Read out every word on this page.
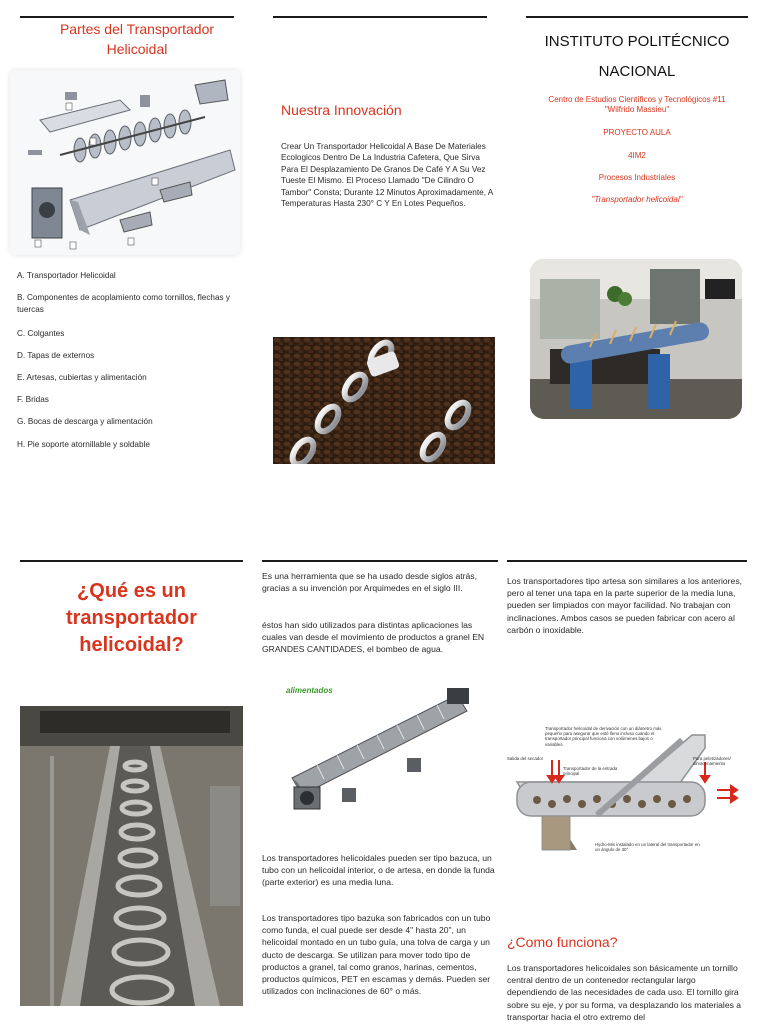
Partes del Transportador Helicoidal
A. Transportador Helicoidal
B. Componentes de acoplamiento como tornillos, flechas y tuercas
C. Colgantes
D. Tapas de externos
E. Artesas, cubiertas y alimentación
F. Bridas
G. Bocas de descarga y alimentación
H. Pie soporte atornillable y soldable
Nuestra Innovación
Crear Un Transportador Helicoidal A Base De Materiales Ecologicos Dentro De La Industria Cafetera, Que Sirva Para El Desplazamiento De Granos De Café Y A Su Vez Tueste El Mismo. El Proceso Llamado "De Cilindro O Tambor" Consta; Durante 12 Minutos Aproximadamente, A Temperaturas Hasta 230° C Y En Lotes Pequeños.
INSTITUTO POLITÉCNICO
NACIONAL
Centro de Estudios Científicos y Tecnológicos #11
"Wilfrido Massieu"
PROYECTO AULA
4IM2
Procesos Industriales
"Transportador helicoidal"
¿Qué es un
transportador
helicoidal?
Es una herramienta que se ha usado desde siglos atrás, gracias a su invención por Arquimedes en el siglo III.
éstos han sido utilizados para distintas aplicaciones las cuales van desde el movimiento de productos a granel EN GRANDES CANTIDADES, el bombeo de agua.
alimentados
Los transportadores helicoidales pueden ser tipo bazuca, un tubo con un helicoidal interior, o de artesa, en donde la funda (parte exterior) es una media luna.
Los transportadores tipo bazuka son fabricados con un tubo como funda, el cual puede ser desde 4" hasta 20", un helicoidal montado en un tubo guía, una tolva de carga y un ducto de descarga. Se utilizan para mover todo tipo de productos a granel, tal como granos, harinas, cementos, productos químicos, PET en escamas y demás. Pueden ser utilizados con inclinaciones de 60° o más.
Los transportadores tipo artesa son similares a los anteriores, pero al tener una tapa en la parte superior de la media luna, pueden ser limpiados con mayor facilidad. No trabajan con inclinaciones. Ambos casos se pueden fabricar con acero al carbón o inoxidable.
Transportador helicoidal de derivación con un diámetro más pequeño para asegurar que esté lleno incluso cuando el transportador principal funciona con volúmenes bajos o variables.
Salida del secador
Transportador de la entrada principal
Para peletizadores/ almacenamiento
Hydro-Mix instalado en un lateral del transportador en un ángulo de 30°
¿Como funciona?
Los transportadores helicoidales son básicamente un tornillo central dentro de un contenedor rectangular largo dependiendo de las necesidades de cada uso. El tornillo gira sobre su eje, y por su forma, va desplazando los materiales a transportar hacia el otro extremo del
